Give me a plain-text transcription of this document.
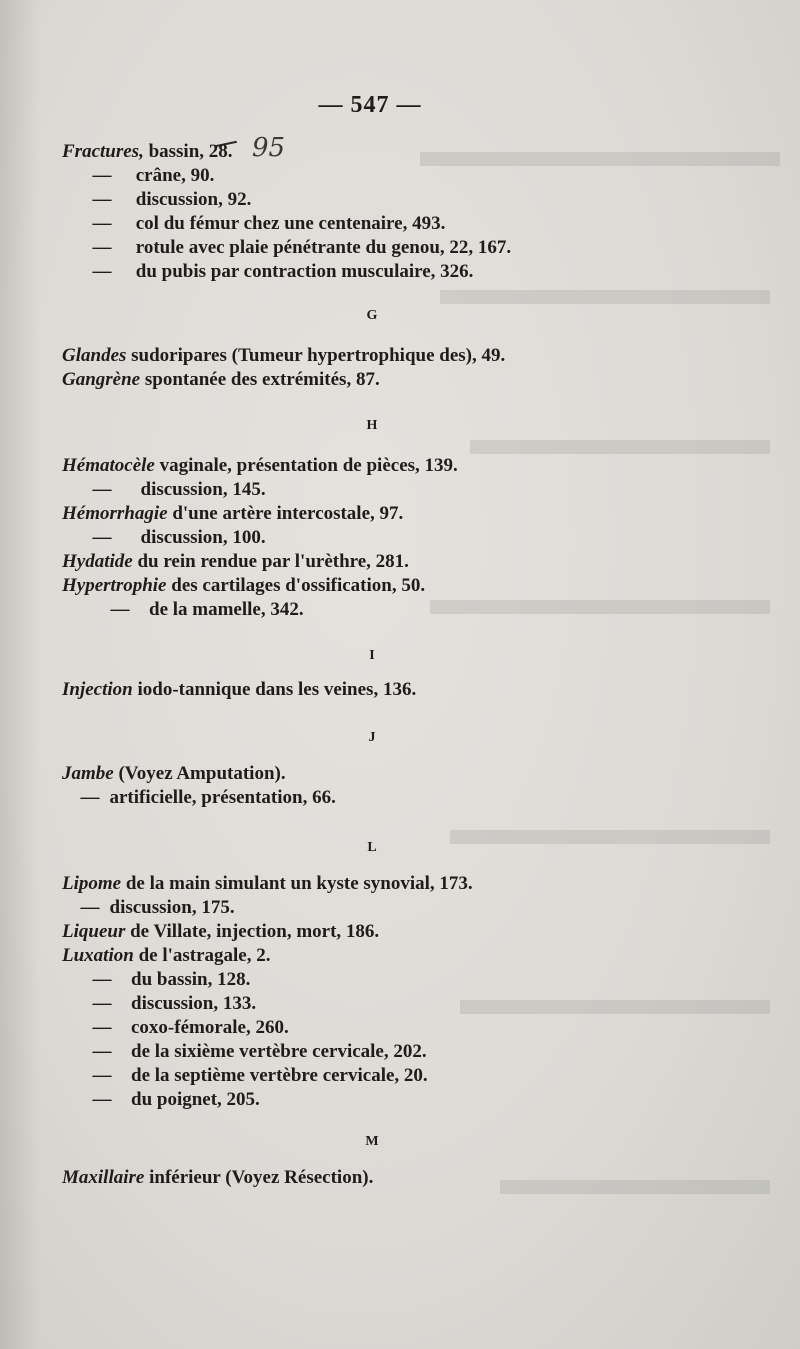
— 547 —
95
Fractures, bassin, 28.
— crâne, 90.
— discussion, 92.
— col du fémur chez une centenaire, 493.
— rotule avec plaie pénétrante du genou, 22, 167.
— du pubis par contraction musculaire, 326.
G
Glandes sudoripares (Tumeur hypertrophique des), 49.
Gangrène spontanée des extrémités, 87.
H
Hématocèle vaginale, présentation de pièces, 139.
— discussion, 145.
Hémorrhagie d'une artère intercostale, 97.
— discussion, 100.
Hydatide du rein rendue par l'urèthre, 281.
Hypertrophie des cartilages d'ossification, 50.
— de la mamelle, 342.
I
Injection iodo-tannique dans les veines, 136.
J
Jambe (Voyez Amputation).
— artificielle, présentation, 66.
L
Lipome de la main simulant un kyste synovial, 173.
— discussion, 175.
Liqueur de Villate, injection, mort, 186.
Luxation de l'astragale, 2.
— du bassin, 128.
— discussion, 133.
— coxo-fémorale, 260.
— de la sixième vertèbre cervicale, 202.
— de la septième vertèbre cervicale, 20.
— du poignet, 205.
M
Maxillaire inférieur (Voyez Résection).
